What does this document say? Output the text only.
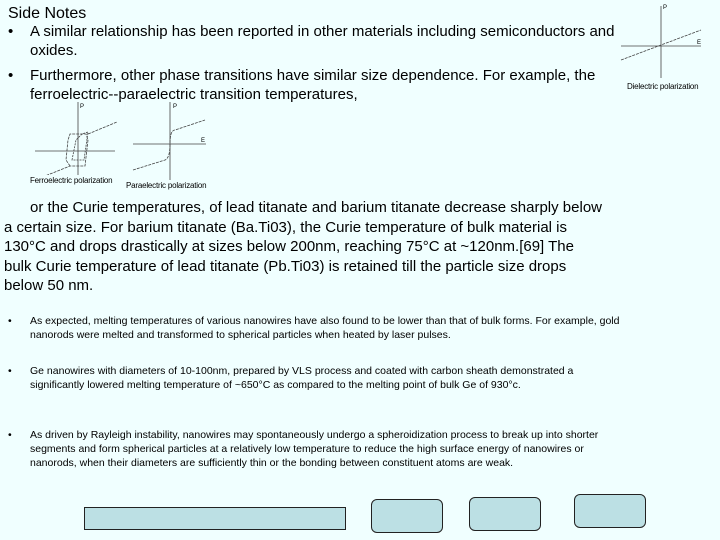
Side Notes
• A similar relationship has been reported in other materials including semiconductors and oxides.
• Furthermore, other phase transitions have similar size dependence. For example, the ferroelectric--paraelectric transition temperatures,
P
Ferroelectric polarization
P
E
Paraelectric polarization
P
E
Dielectric polarization
or the Curie temperatures, of lead titanate and barium titanate decrease sharply below a certain size. For barium titanate (Ba.Ti03), the Curie temperature of bulk material is 130°C and drops drastically at sizes below 200nm, reaching 75°C at ~120nm.[69] The bulk Curie temperature of lead titanate (Pb.Ti03) is retained till the particle size drops below 50 nm.
• As expected, melting temperatures of various nanowires have also found to be lower than that of bulk forms. For example, gold nanorods were melted and transformed to spherical particles when heated by laser pulses.
• Ge nanowires with diameters of 10-100nm, prepared by VLS process and coated with carbon sheath demonstrated a significantly lowered melting temperature of ~650°C as compared to the melting point of bulk Ge of 930°c.
• As driven by Rayleigh instability, nanowires may spontaneously undergo a spheroidization process to break up into shorter segments and form spherical particles at a relatively low temperature to reduce the high surface energy of nanowires or nanorods, when their diameters are sufficiently thin or the bonding between constituent atoms are weak.
